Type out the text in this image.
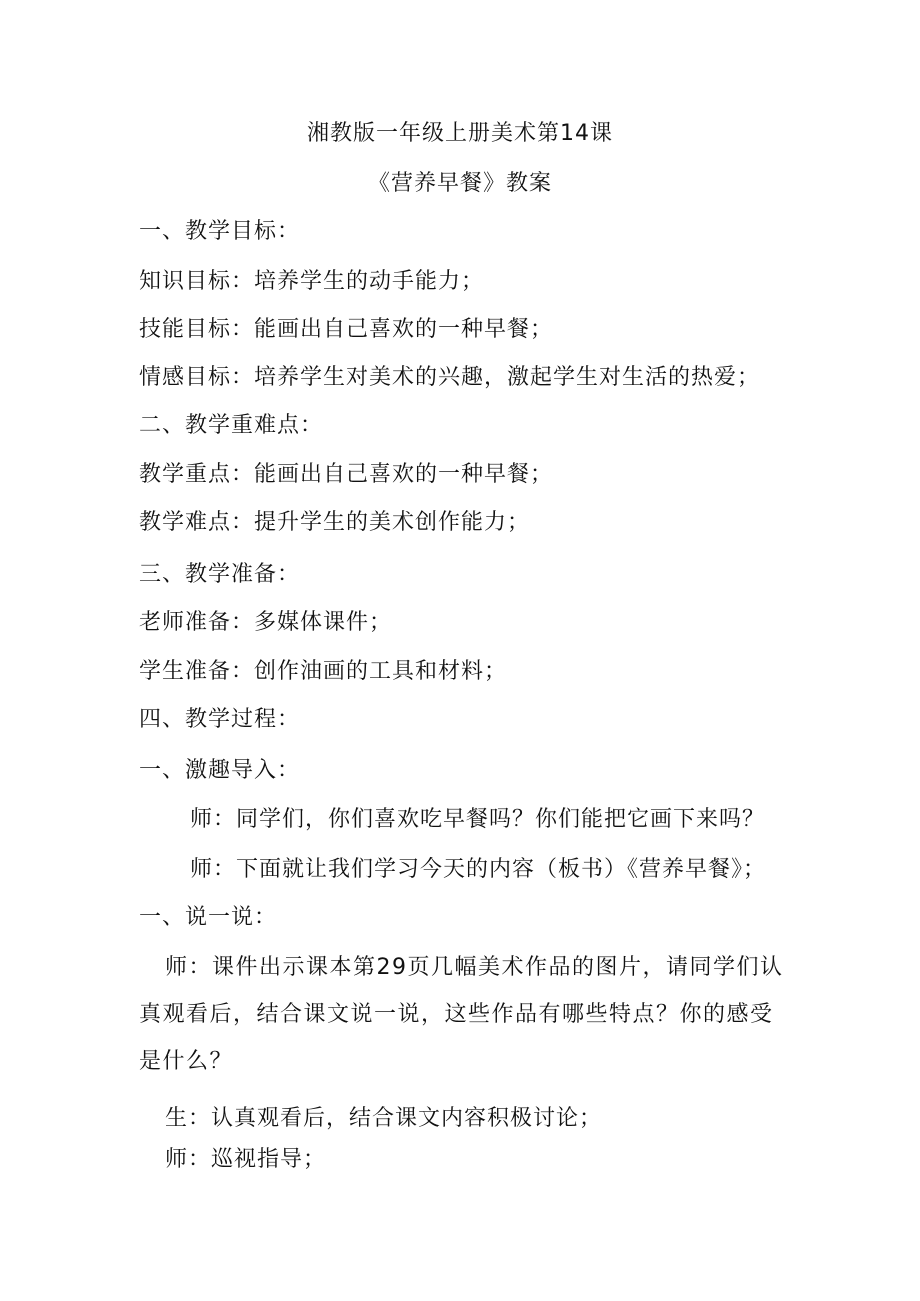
湘教版一年级上册美术第14课
《营养早餐》教案
一、教学目标：
知识目标：培养学生的动手能力；
技能目标：能画出自己喜欢的一种早餐；
情感目标：培养学生对美术的兴趣，激起学生对生活的热爱；
二、教学重难点：
教学重点：能画出自己喜欢的一种早餐；
教学难点：提升学生的美术创作能力；
三、教学准备：
老师准备：多媒体课件；
学生准备：创作油画的工具和材料；
四、教学过程：
一、激趣导入：
师：同学们，你们喜欢吃早餐吗？你们能把它画下来吗？
师：下面就让我们学习今天的内容（板书）《营养早餐》；
一、说一说：
师：课件出示课本第29页几幅美术作品的图片，请同学们认真观看后，结合课文说一说，这些作品有哪些特点？你的感受是什么？
生：认真观看后，结合课文内容积极讨论；
师：巡视指导；
